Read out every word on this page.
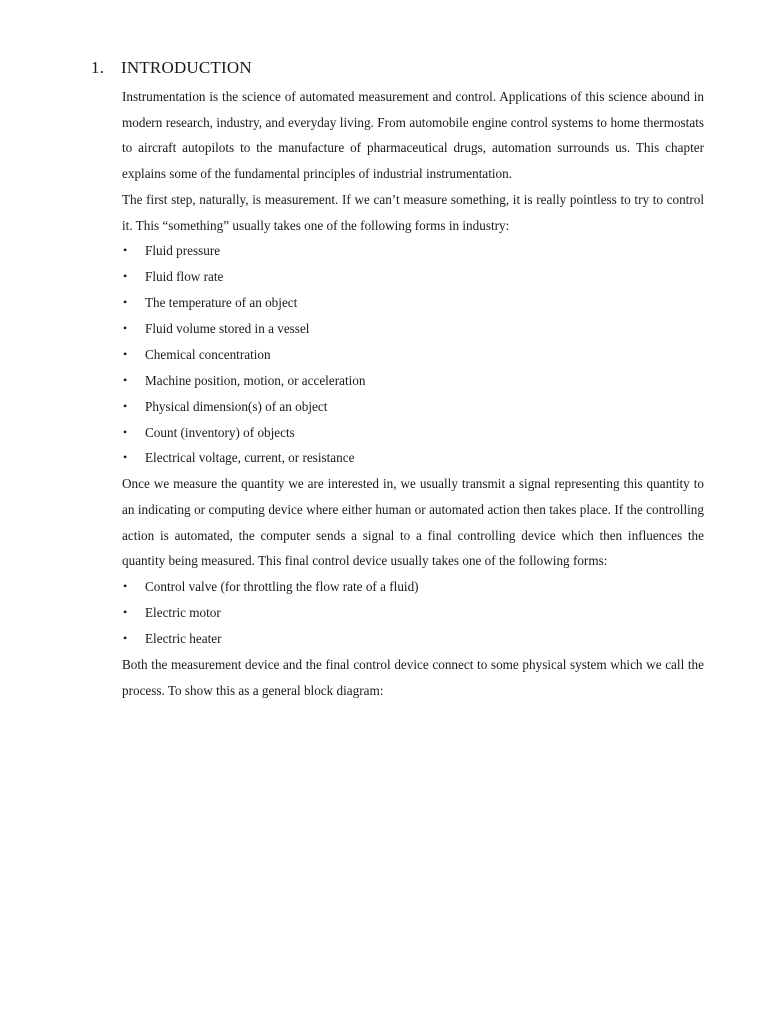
1. INTRODUCTION

Instrumentation is the science of automated measurement and control. Applications of this science abound in modern research, industry, and everyday living. From automobile engine control systems to home thermostats to aircraft autopilots to the manufacture of pharmaceutical drugs, automation surrounds us. This chapter explains some of the fundamental principles of industrial instrumentation.

The first step, naturally, is measurement. If we can’t measure something, it is really pointless to try to control it. This “something” usually takes one of the following forms in industry:

• Fluid pressure
• Fluid flow rate
• The temperature of an object
• Fluid volume stored in a vessel
• Chemical concentration
• Machine position, motion, or acceleration
• Physical dimension(s) of an object
• Count (inventory) of objects
• Electrical voltage, current, or resistance

Once we measure the quantity we are interested in, we usually transmit a signal representing this quantity to an indicating or computing device where either human or automated action then takes place. If the controlling action is automated, the computer sends a signal to a final controlling device which then influences the quantity being measured. This final control device usually takes one of the following forms:

• Control valve (for throttling the flow rate of a fluid)
• Electric motor
• Electric heater

Both the measurement device and the final control device connect to some physical system which we call the process. To show this as a general block diagram:
